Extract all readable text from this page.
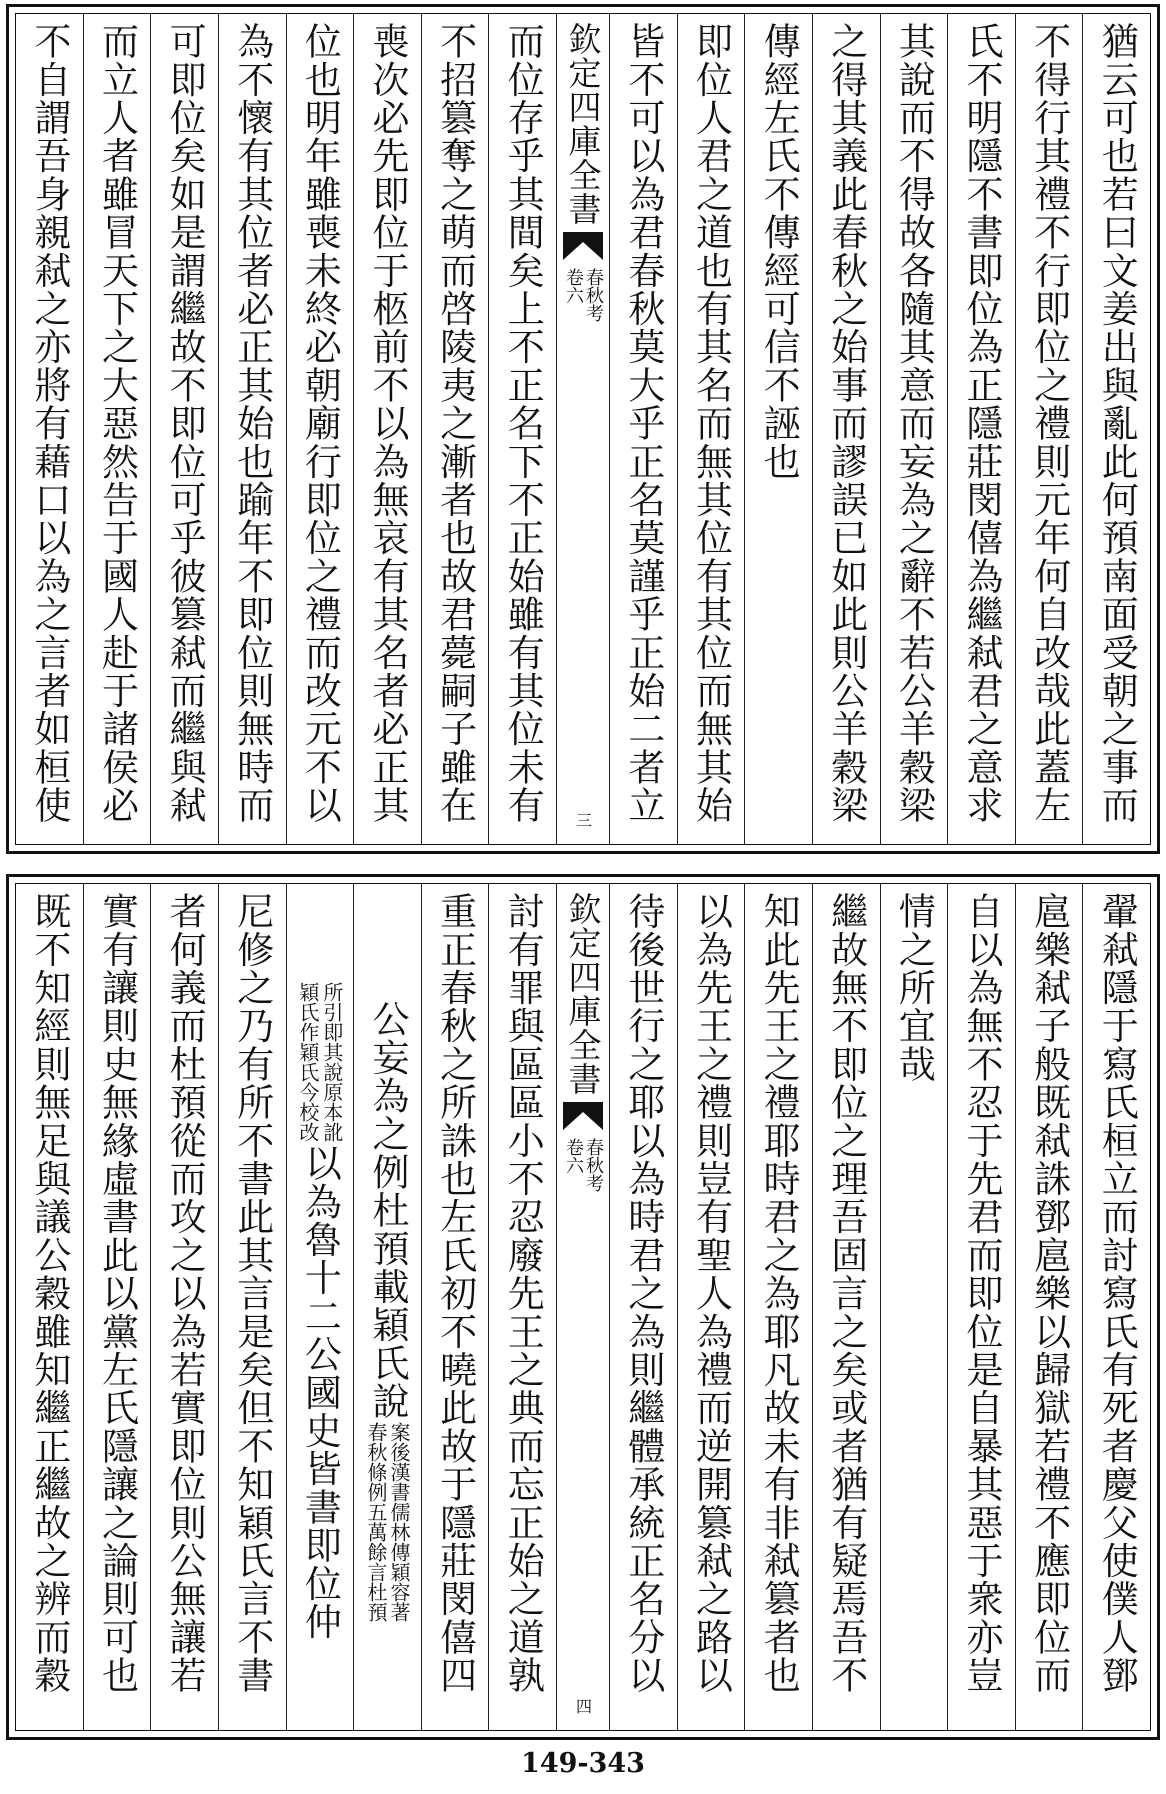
猶云可也若曰文姜出與亂此何預南面受朝之事而
不得行其禮不行即位之禮則元年何自改哉此蓋左
氏不明隱不書即位為正隱莊閔僖為繼弒君之意求
其說而不得故各隨其意而妄為之辭不若公羊穀梁
之得其義此春秋之始事而謬誤已如此則公羊穀梁
傳經左氏不傳經可信不誣也
即位人君之道也有其名而無其位有其位而無其始
皆不可以為君春秋莫大乎正名莫謹乎正始二者立
欽定四庫全書
春秋考
卷六
三
而位存乎其間矣上不正名下不正始雖有其位未有
不招篡奪之萌而啓陵夷之漸者也故君薨嗣子雖在
喪次必先即位于柩前不以為無哀有其名者必正其
位也明年雖喪未終必朝廟行即位之禮而改元不以
為不懷有其位者必正其始也踰年不即位則無時而
可即位矣如是謂繼故不即位可乎彼篡弒而繼與弒
而立人者雖冒天下之大惡然告于國人赴于諸侯必
不自謂吾身親弒之亦將有藉口以為之言者如桓使
翬弒隱于寫氏桓立而討寫氏有死者慶父使僕人鄧
扈樂弒子般既弒誅鄧扈樂以歸獄若禮不應即位而
自以為無不忍于先君而即位是自暴其惡于衆亦豈
情之所宜哉
繼故無不即位之理吾固言之矣或者猶有疑焉吾不
知此先王之禮耶時君之為耶凡故未有非弒篡者也
以為先王之禮則豈有聖人為禮而逆開篡弒之路以
待後世行之耶以為時君之為則繼體承統正名分以
欽定四庫全書
春秋考
卷六
四
討有罪與區區小不忍廢先王之典而忘正始之道孰
重正春秋之所誅也左氏初不曉此故于隱莊閔僖四
公妄為之例杜預載穎氏說
案後漢書儒林傳穎容著
春秋條例五萬餘言杜預
所引即其說原本訛
穎氏作穎氏今校改
以為魯十二公國史皆書即位仲
尼修之乃有所不書此其言是矣但不知穎氏言不書
者何義而杜預從而攻之以為若實即位則公無讓若
實有讓則史無緣虛書此以黨左氏隱讓之論則可也
既不知經則無足與議公穀雖知繼正繼故之辨而穀
149-343
